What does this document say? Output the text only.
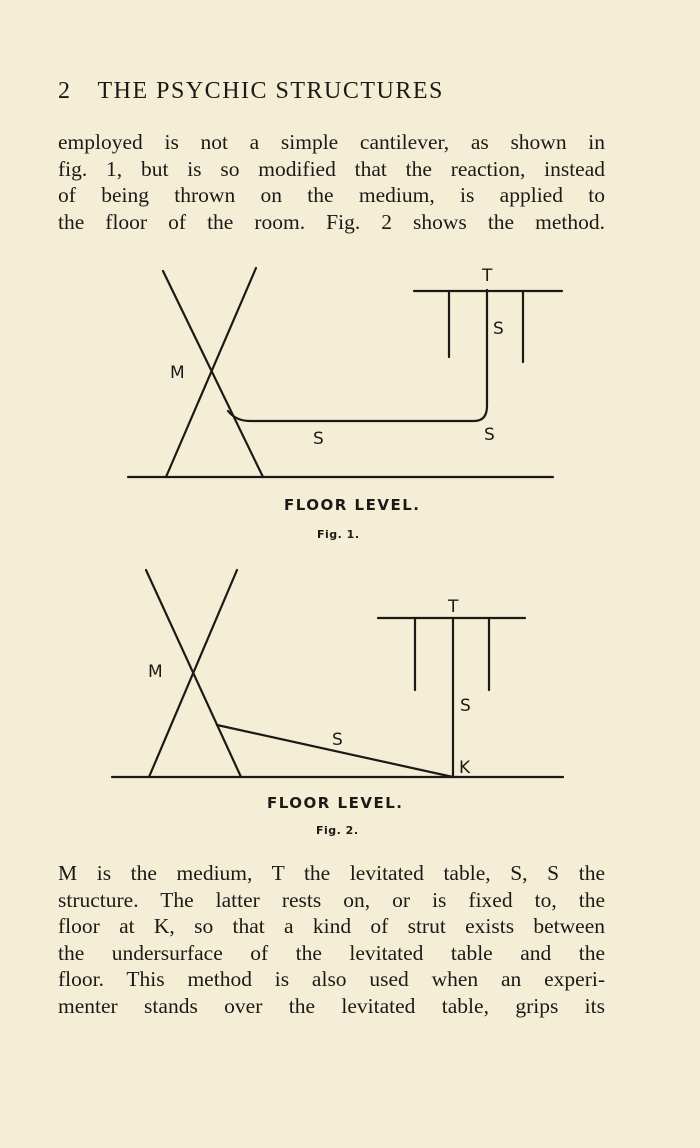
2 THE PSYCHIC STRUCTURES
employed is not a simple cantilever, as shown in
fig. 1, but is so modified that the reaction, instead
of being thrown on the medium, is applied to
the floor of the room. Fig. 2 shows the method.
T
S
M
S	S
FLOOR LEVEL.
Fig. 1.
T
M
S
S
K
FLOOR LEVEL.
Fig. 2.
M is the medium, T the levitated table, S, S the
structure. The latter rests on, or is fixed to, the
floor at K, so that a kind of strut exists between
the undersurface of the levitated table and the
floor. This method is also used when an experi-
menter stands over the levitated table, grips its
